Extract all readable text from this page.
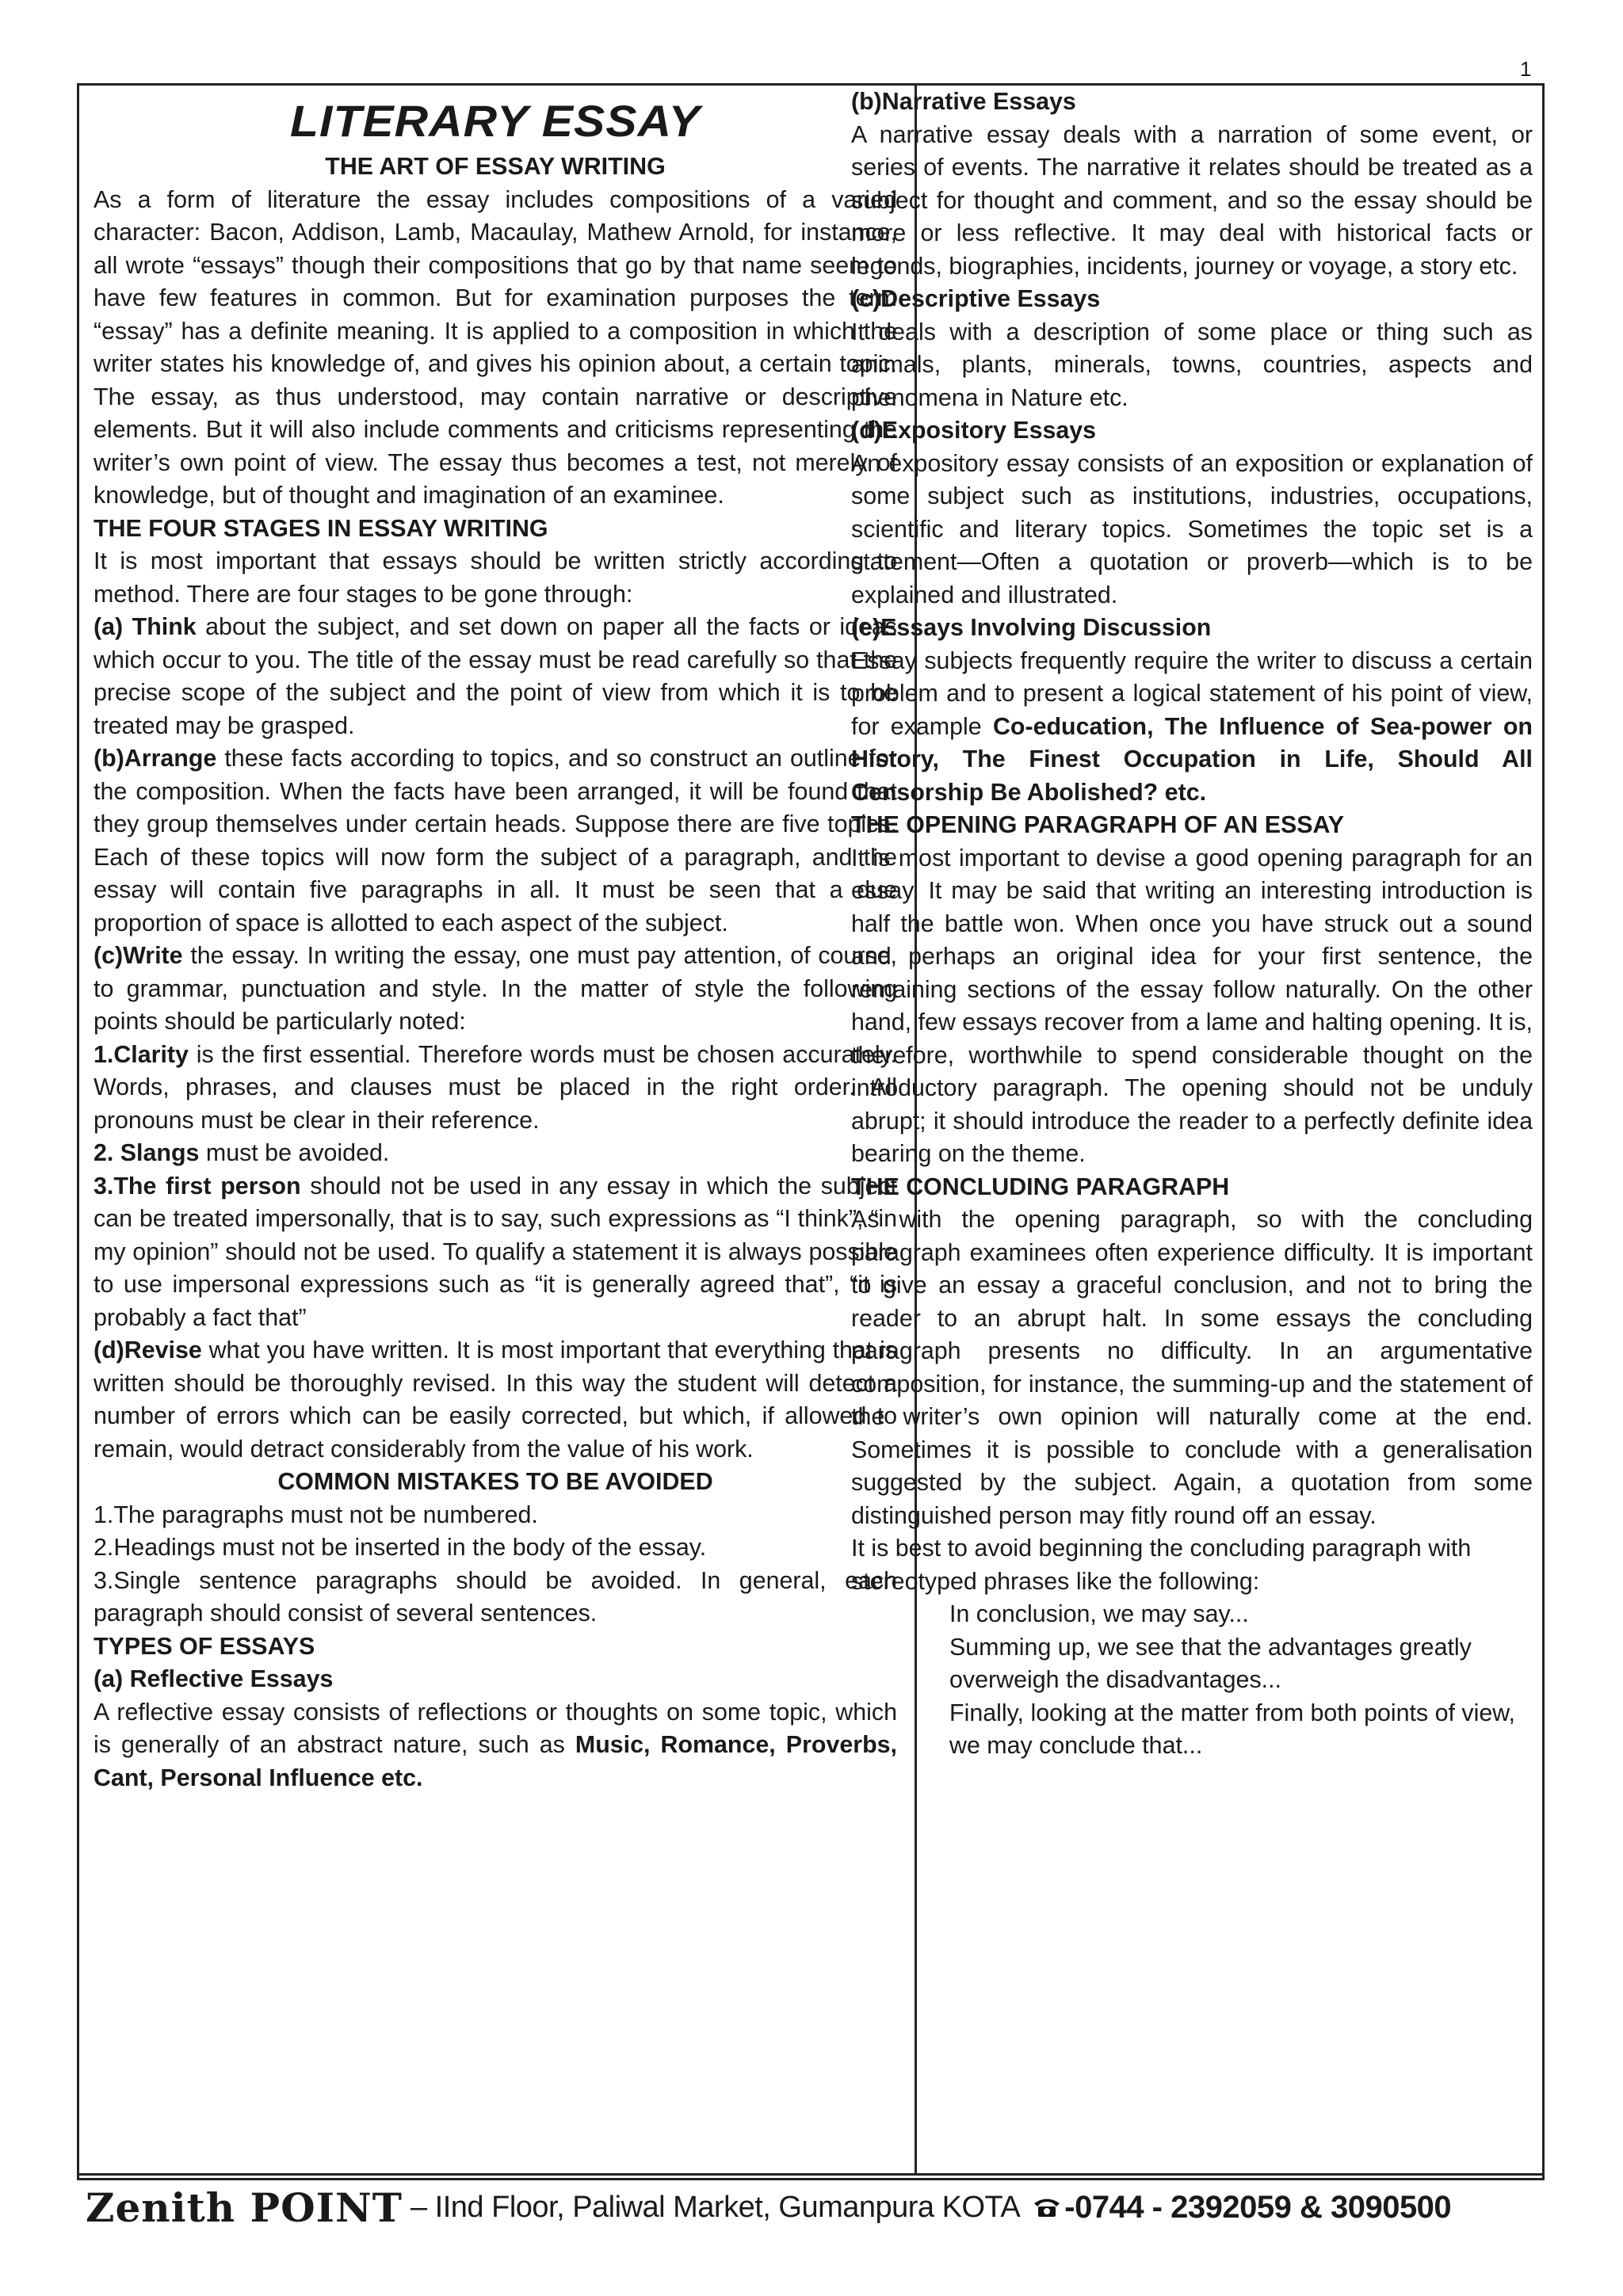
1
LITERARY ESSAY

THE ART OF ESSAY WRITING

As a form of literature the essay includes compositions of a varied character: Bacon, Addison, Lamb, Macaulay, Mathew Arnold, for instance, all wrote “essays” though their compositions that go by that name seem to have few features in common. But for examination purposes the term “essay” has a definite meaning. It is applied to a composition in which the writer states his knowledge of, and gives his opinion about, a certain topic. The essay, as thus understood, may contain narrative or descriptive elements. But it will also include comments and criticisms representing the writer’s own point of view. The essay thus becomes a test, not merely of knowledge, but of thought and imagination of an examinee.

THE FOUR STAGES IN ESSAY WRITING

It is most important that essays should be written strictly according to method. There are four stages to be gone through:

(a) Think about the subject, and set down on paper all the facts or ideas which occur to you. The title of the essay must be read carefully so that the precise scope of the subject and the point of view from which it is to be treated may be grasped.

(b)Arrange these facts according to topics, and so construct an outline for the composition. When the facts have been arranged, it will be found that they group themselves under certain heads. Suppose there are five topics. Each of these topics will now form the subject of a paragraph, and the essay will contain five paragraphs in all. It must be seen that a due proportion of space is allotted to each aspect of the subject.

(c)Write the essay. In writing the essay, one must pay attention, of course, to grammar, punctuation and style. In the matter of style the following points should be particularly noted:

1.Clarity is the first essential. Therefore words must be chosen accurately. Words, phrases, and clauses must be placed in the right order. All pronouns must be clear in their reference.

2. Slangs must be avoided.

3.The first person should not be used in any essay in which the subject can be treated impersonally, that is to say, such expressions as “I think”, “in my opinion” should not be used. To qualify a statement it is always possible to use impersonal expressions such as “it is generally agreed that”, “it is probably a fact that”

(d)Revise what you have written. It is most important that everything that is written should be thoroughly revised. In this way the student will detect a number of errors which can be easily corrected, but which, if allowed to remain, would detract considerably from the value of his work.

COMMON MISTAKES TO BE AVOIDED

1.The paragraphs must not be numbered.

2.Headings must not be inserted in the body of the essay.

3.Single sentence paragraphs should be avoided. In general, each paragraph should consist of several sentences.

TYPES OF ESSAYS

(a) Reflective Essays

A reflective essay consists of reflections or thoughts on some topic, which is generally of an abstract nature, such as Music, Romance, Proverbs, Cant, Personal Influence etc.

(b)Narrative Essays

A narrative essay deals with a narration of some event, or series of events. The narrative it relates should be treated as a subject for thought and comment, and so the essay should be more or less reflective. It may deal with historical facts or legends, biographies, incidents, journey or voyage, a story etc.

(c)Descriptive Essays

It deals with a description of some place or thing such as animals, plants, minerals, towns, countries, aspects and phenomena in Nature etc.

(d)Expository Essays

An expository essay consists of an exposition or explanation of some subject such as institutions, industries, occupations, scientific and literary topics. Sometimes the topic set is a statement—Often a quotation or proverb—which is to be explained and illustrated.

(e)Essays Involving Discussion

Essay subjects frequently require the writer to discuss a certain problem and to present a logical statement of his point of view, for example Co-education, The Influence of Sea-power on History, The Finest Occupation in Life, Should All Censorship Be Abolished? etc.

THE OPENING PARAGRAPH OF AN ESSAY

It is most important to devise a good opening paragraph for an essay. It may be said that writing an interesting introduction is half the battle won. When once you have struck out a sound and perhaps an original idea for your first sentence, the remaining sections of the essay follow naturally. On the other hand, few essays recover from a lame and halting opening. It is, therefore, worthwhile to spend considerable thought on the introductory paragraph. The opening should not be unduly abrupt; it should introduce the reader to a perfectly definite idea bearing on the theme.

THE CONCLUDING PARAGRAPH

As with the opening paragraph, so with the concluding paragraph examinees often experience difficulty. It is important to give an essay a graceful conclusion, and not to bring the reader to an abrupt halt. In some essays the concluding paragraph presents no difficulty. In an argumentative composition, for instance, the summing-up and the statement of the writer’s own opinion will naturally come at the end. Sometimes it is possible to conclude with a generalisation suggested by the subject. Again, a quotation from some distinguished person may fitly round off an essay.

It is best to avoid beginning the concluding paragraph with stereotyped phrases like the following:

In conclusion, we may say...

Summing up, we see that the advantages greatly overweigh the disadvantages...

Finally, looking at the matter from both points of view, we may conclude that...

Zenith POINT – IInd Floor, Paliwal Market, Gumanpura KOTA -0744 - 2392059 & 3090500
